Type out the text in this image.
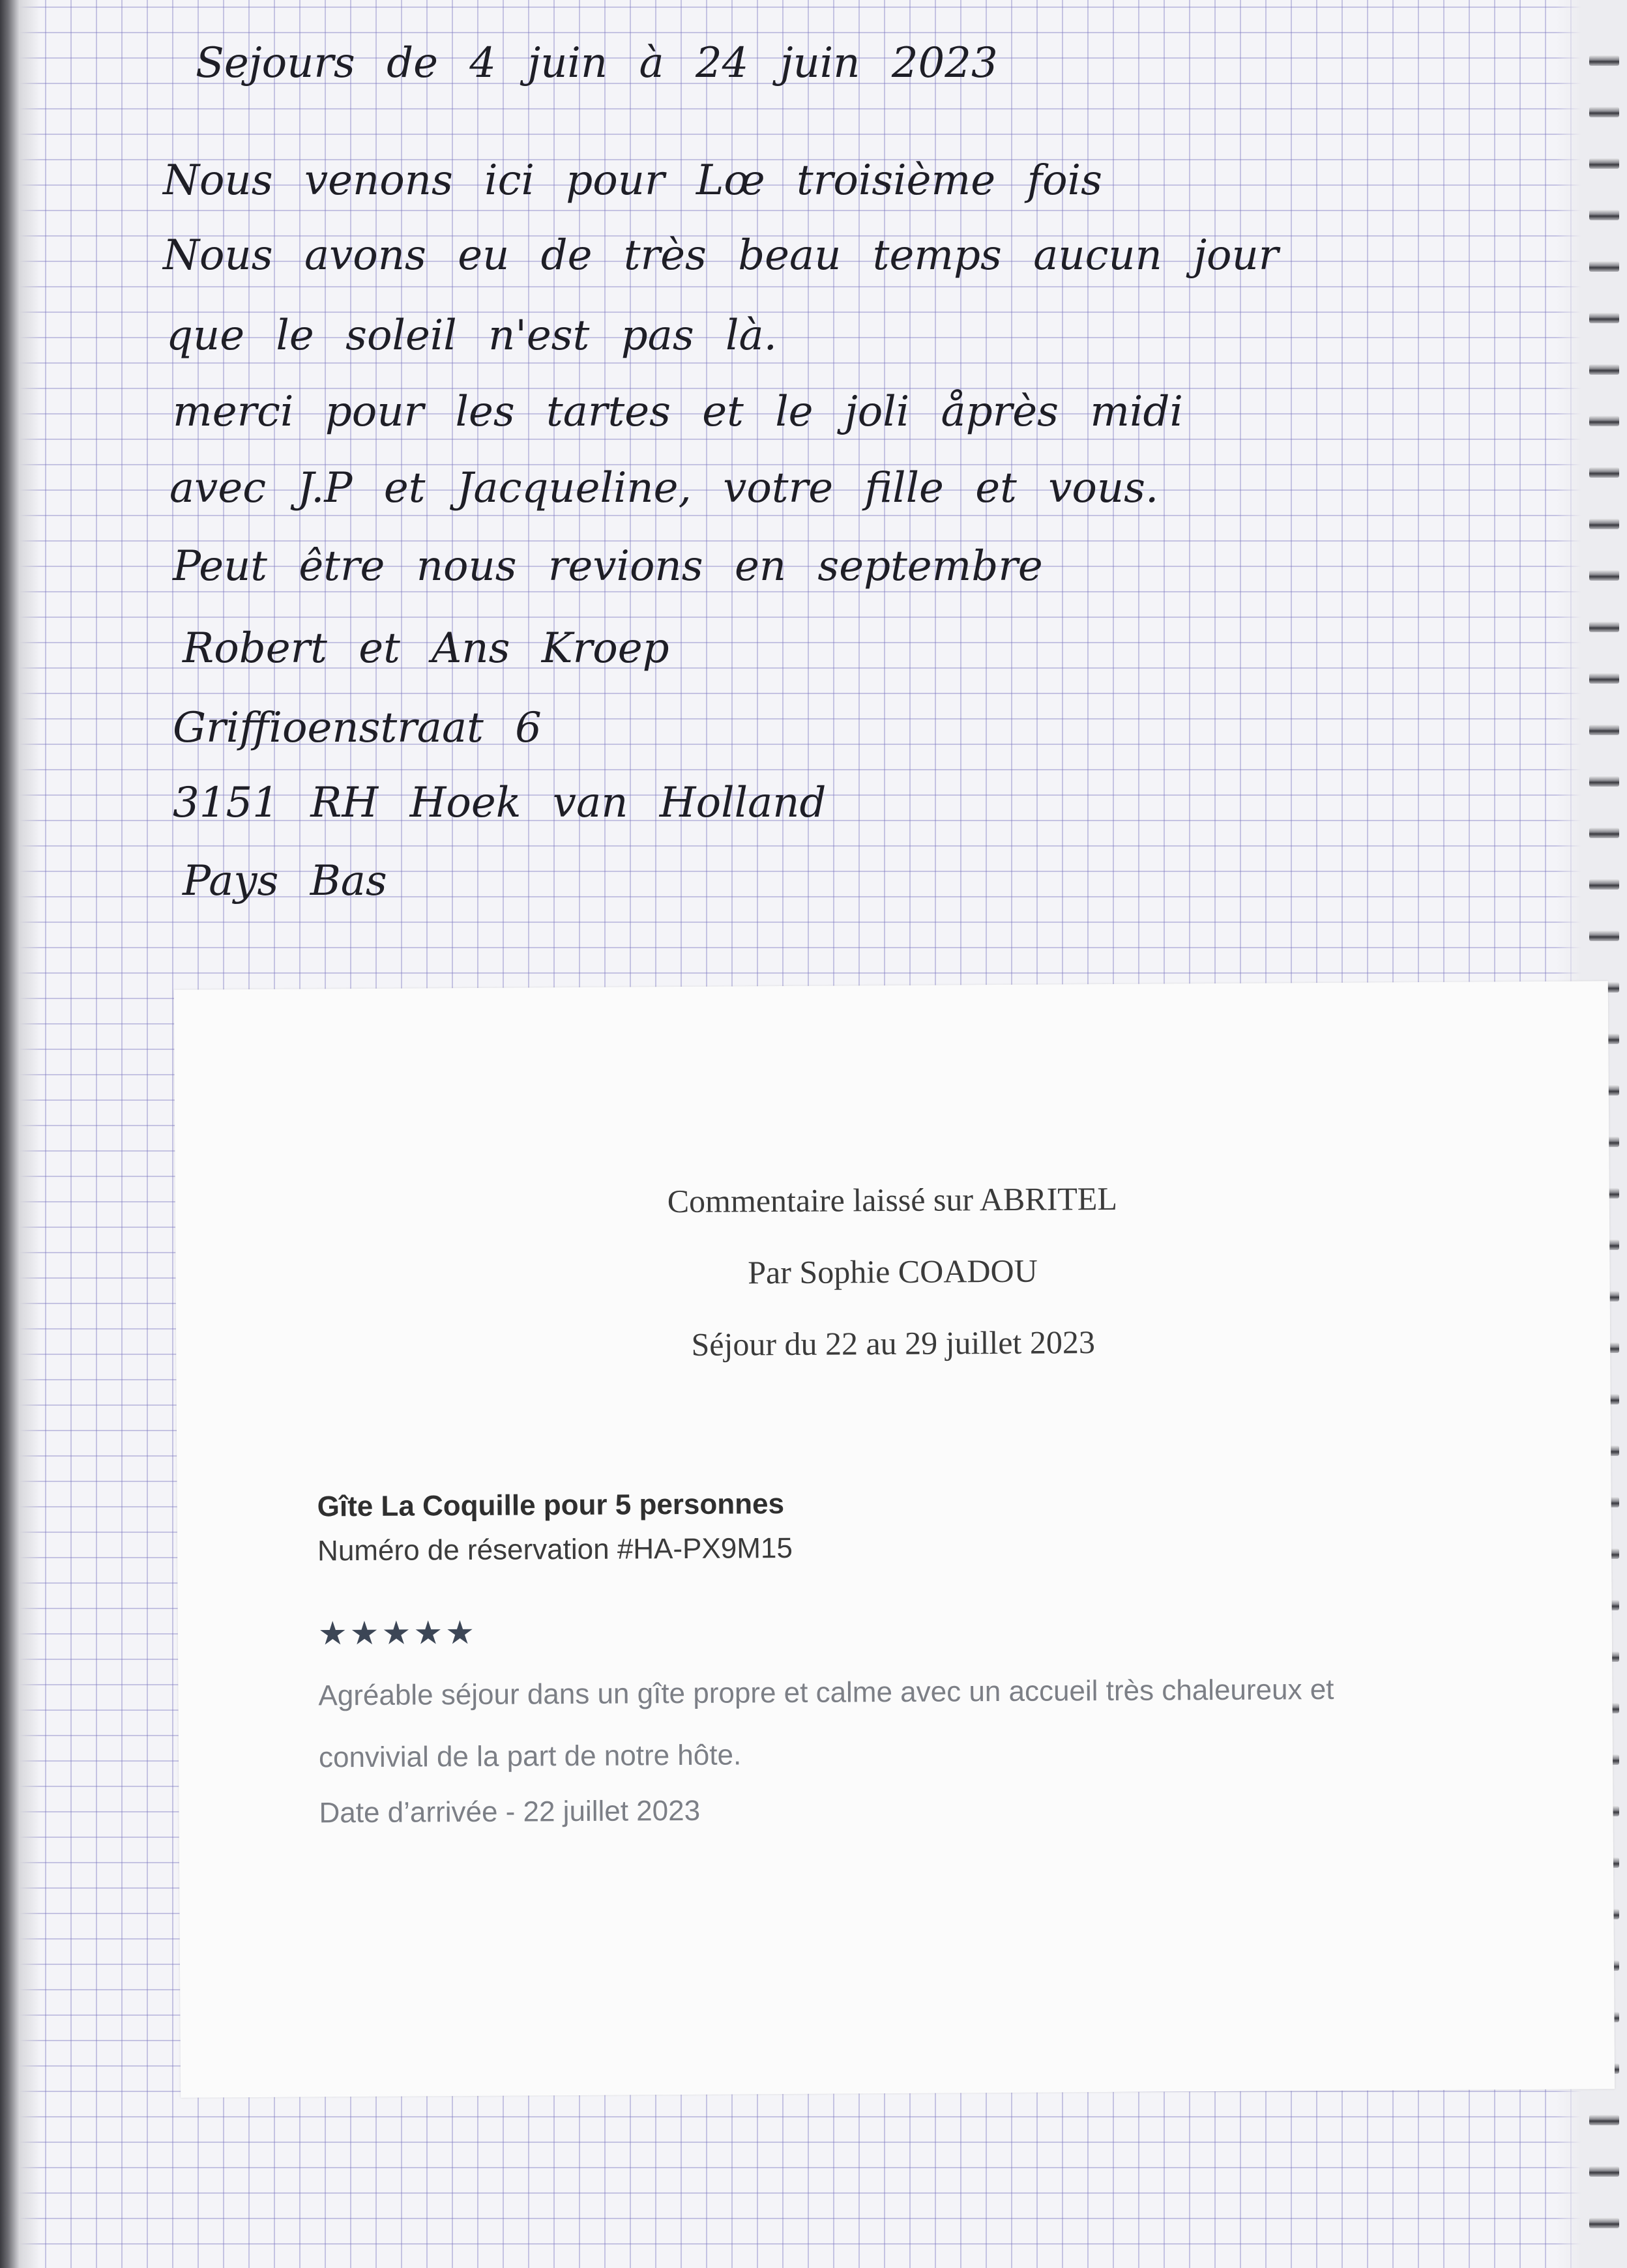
Sejours de 4 juin à 24 juin 2023

Nous venons ici pour Lœ troisième fois

Nous avons eu de très beau temps aucun jour

que le soleil n'est pas là.

merci pour les tartes et le joli åprès midi

avec J.P et Jacqueline, votre fille et vous.

Peut être nous revions en septembre

Robert et Ans Kroep

Griffioenstraat 6

3151 RH Hoek van Holland

Pays Bas

Commentaire laissé sur ABRITEL

Par Sophie COADOU

Séjour du 22 au 29 juillet 2023

Gîte La Coquille pour 5 personnes

Numéro de réservation #HA-PX9M15

★★★★★

Agréable séjour dans un gîte propre et calme avec un accueil très chaleureux et

convivial de la part de notre hôte.

Date d’arrivée - 22 juillet 2023
